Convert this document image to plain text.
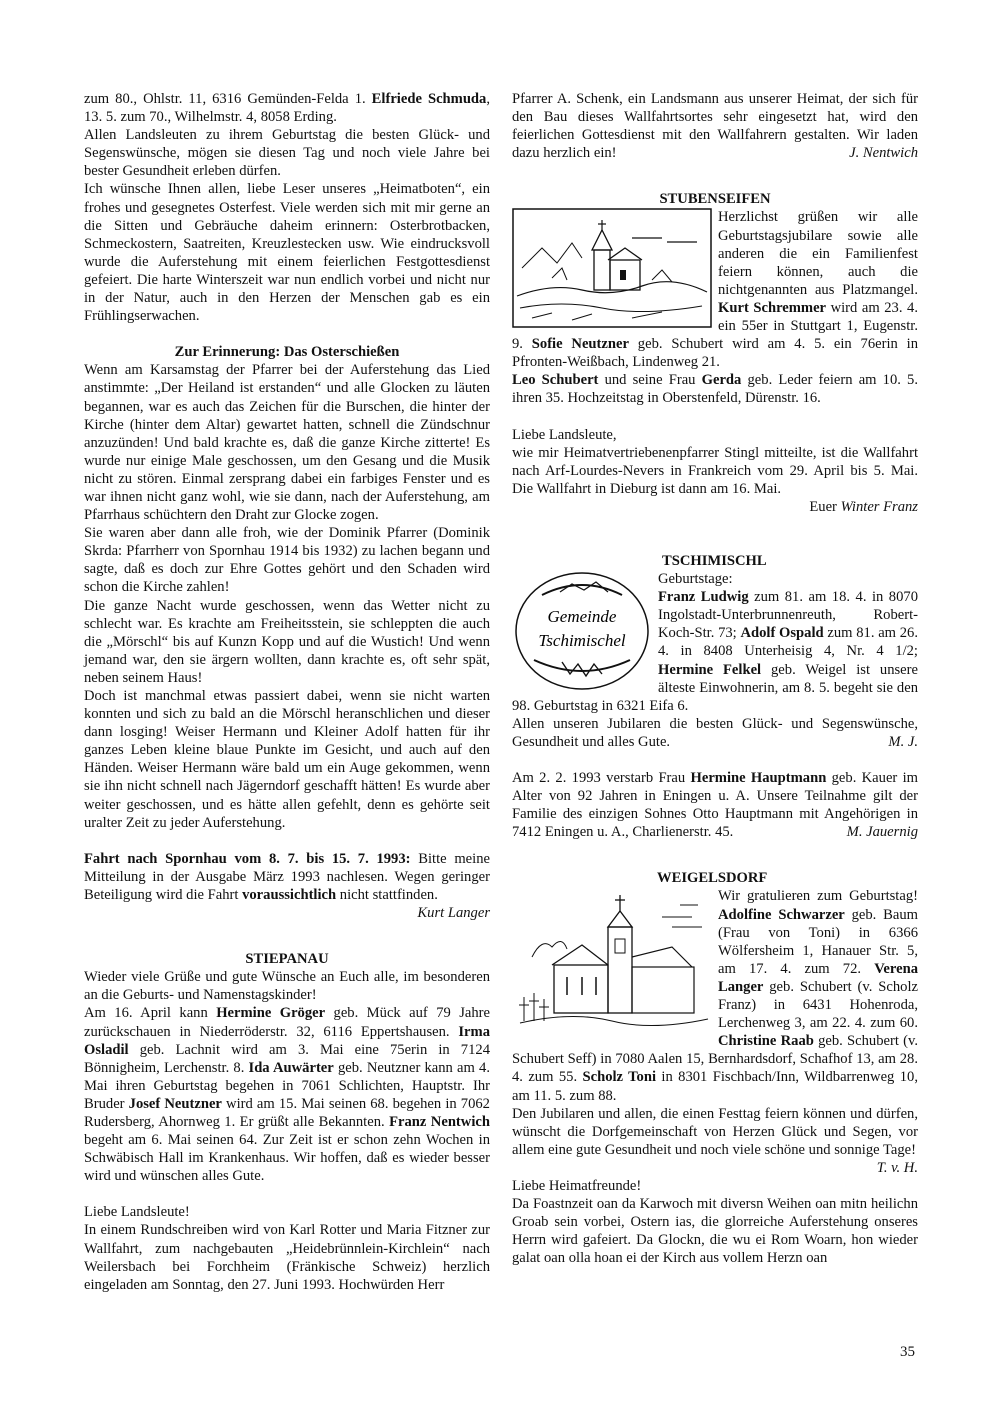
zum 80., Ohlstr. 11, 6316 Gemünden-Felda 1. Elfriede Schmuda, 13. 5. zum 70., Wilhelmstr. 4, 8058 Erding.

Allen Landsleuten zu ihrem Geburtstag die besten Glück- und Segenswünsche, mögen sie diesen Tag und noch viele Jahre bei bester Gesundheit erleben dürfen.

Ich wünsche Ihnen allen, liebe Leser unseres „Heimatboten“, ein frohes und gesegnetes Osterfest. Viele werden sich mit mir gerne an die Sitten und Gebräuche daheim erinnern: Osterbrotbacken, Schmeckostern, Saatreiten, Kreuzlestecken usw. Wie eindrucksvoll wurde die Auferstehung mit einem feierlichen Festgottesdienst gefeiert. Die harte Winterszeit war nun endlich vorbei und nicht nur in der Natur, auch in den Herzen der Menschen gab es ein Frühlingserwachen.

Zur Erinnerung: Das Osterschießen

Wenn am Karsamstag der Pfarrer bei der Auferstehung das Lied anstimmte: „Der Heiland ist erstanden“ und alle Glocken zu läuten begannen, war es auch das Zeichen für die Burschen, die hinter der Kirche (hinter dem Altar) gewartet hatten, schnell die Zündschnur anzuzünden! Und bald krachte es, daß die ganze Kirche zitterte! Es wurde nur einige Male geschossen, um den Gesang und die Musik nicht zu stören. Einmal zersprang dabei ein farbiges Fenster und es war ihnen nicht ganz wohl, wie sie dann, nach der Auferstehung, am Pfarrhaus schüchtern den Draht zur Glocke zogen.

Sie waren aber dann alle froh, wie der Dominik Pfarrer (Dominik Skrda: Pfarrherr von Spornhau 1914 bis 1932) zu lachen begann und sagte, daß es doch zur Ehre Gottes gehört und den Schaden wird schon die Kirche zahlen!

Die ganze Nacht wurde geschossen, wenn das Wetter nicht zu schlecht war. Es krachte am Freiheitsstein, sie schleppten die auch die „Mörschl“ bis auf Kunzn Kopp und auf die Wustich! Und wenn jemand war, den sie ärgern wollten, dann krachte es, oft sehr spät, neben seinem Haus!

Doch ist manchmal etwas passiert dabei, wenn sie nicht warten konnten und sich zu bald an die Mörschl heranschlichen und dieser dann losging! Weiser Hermann und Kleiner Adolf hatten für ihr ganzes Leben kleine blaue Punkte im Gesicht, und auch auf den Händen. Weiser Hermann wäre bald um ein Auge gekommen, wenn sie ihn nicht schnell nach Jägerndorf geschafft hätten! Es wurde aber weiter geschossen, und es hätte allen gefehlt, denn es gehörte seit uralter Zeit zu jeder Auferstehung.

Fahrt nach Spornhau vom 8. 7. bis 15. 7. 1993: Bitte meine Mitteilung in der Ausgabe März 1993 nachlesen. Wegen geringer Beteiligung wird die Fahrt voraussichtlich nicht stattfinden.

Kurt Langer

STIEPANAU

Wieder viele Grüße und gute Wünsche an Euch alle, im besonderen an die Geburts- und Namenstagskinder!

Am 16. April kann Hermine Gröger geb. Mück auf 79 Jahre zurückschauen in Niederröderstr. 32, 6116 Eppertshausen. Irma Osladil geb. Lachnit wird am 3. Mai eine 75erin in 7124 Bönnigheim, Lerchenstr. 8. Ida Auwärter geb. Neutzner kann am 4. Mai ihren Geburtstag begehen in 7061 Schlichten, Hauptstr. Ihr Bruder Josef Neutzner wird am 15. Mai seinen 68. begehen in 7062 Rudersberg, Ahornweg 1. Er grüßt alle Bekannten. Franz Nentwich begeht am 6. Mai seinen 64. Zur Zeit ist er schon zehn Wochen in Schwäbisch Hall im Krankenhaus. Wir hoffen, daß es wieder besser wird und wünschen alles Gute.

Liebe Landsleute!

In einem Rundschreiben wird von Karl Rotter und Maria Fitzner zur Wallfahrt, zum nachgebauten „Heidebrünnlein-Kirchlein“ nach Weilersbach bei Forchheim (Fränkische Schweiz) herzlich eingeladen am Sonntag, den 27. Juni 1993. Hochwürden Herr

Pfarrer A. Schenk, ein Landsmann aus unserer Heimat, der sich für den Bau dieses Wallfahrtsortes sehr eingesetzt hat, wird den feierlichen Gottesdienst mit den Wallfahrern gestalten. Wir laden dazu herzlich ein!	J. Nentwich

STUBENSEIFEN

Herzlichst grüßen wir alle Geburtstagsjubilare sowie alle anderen die ein Familienfest feiern können, auch die nichtgenannten aus Platzmangel. Kurt Schremmer wird am 23. 4. ein 55er in Stuttgart 1, Eugenstr. 9. Sofie Neutzner geb. Schubert wird am 4. 5. ein 76erin in Pfronten-Weißbach, Lindenweg 21.

Leo Schubert und seine Frau Gerda geb. Leder feiern am 10. 5. ihren 35. Hochzeitstag in Oberstenfeld, Dürenstr. 16.

Liebe Landsleute,

wie mir Heimatvertriebenenpfarrer Stingl mitteilte, ist die Wallfahrt nach Arf-Lourdes-Nevers in Frankreich vom 29. April bis 5. Mai. Die Wallfahrt in Dieburg ist dann am 16. Mai.

Euer Winter Franz

TSCHIMISCHL

Gemeinde
Tschimischel

Geburtstage:

Franz Ludwig zum 81. am 18. 4. in 8070 Ingolstadt-Unterbrunnenreuth, Robert-Koch-Str. 73; Adolf Ospald zum 81. am 26. 4. in 8408 Unterheisig 4, Nr. 4 1/2; Hermine Felkel geb. Weigel ist unsere älteste Einwohnerin, am 8. 5. begeht sie den 98. Geburtstag in 6321 Eifa 6.

Allen unseren Jubilaren die besten Glück- und Segenswünsche, Gesundheit und alles Gute.	M. J.

Am 2. 2. 1993 verstarb Frau Hermine Hauptmann geb. Kauer im Alter von 92 Jahren in Eningen u. A. Unsere Teilnahme gilt der Familie des einzigen Sohnes Otto Hauptmann mit Angehörigen in 7412 Eningen u. A., Charlienerstr. 45.	M. Jauernig

WEIGELSDORF

Wir gratulieren zum Geburtstag! Adolfine Schwarzer geb. Baum (Frau von Toni) in 6366 Wölfersheim 1, Hanauer Str. 5, am 17. 4. zum 72. Verena Langer geb. Schubert (v. Scholz Franz) in 6431 Hohenroda, Lerchenweg 3, am 22. 4. zum 60. Christine Raab geb. Schubert (v. Schubert Seff) in 7080 Aalen 15, Bernhardsdorf, Schafhof 13, am 28. 4. zum 55. Scholz Toni in 8301 Fischbach/Inn, Wildbarrenweg 10, am 11. 5. zum 88.

Den Jubilaren und allen, die einen Festtag feiern können und dürfen, wünscht die Dorfgemeinschaft von Herzen Glück und Segen, vor allem eine gute Gesundheit und noch viele schöne und sonnige Tage!
T. v. H.

Liebe Heimatfreunde!

Da Foastnzeit oan da Karwoch mit diversn Weihen oan mitn heilichn Groab sein vorbei, Ostern ias, die glorreiche Auferstehung onseres Herrn wird gafeiert. Da Glockn, die wu ei Rom Woarn, hon wieder galat oan olla hoan ei der Kirch aus vollem Herzn oan

35
